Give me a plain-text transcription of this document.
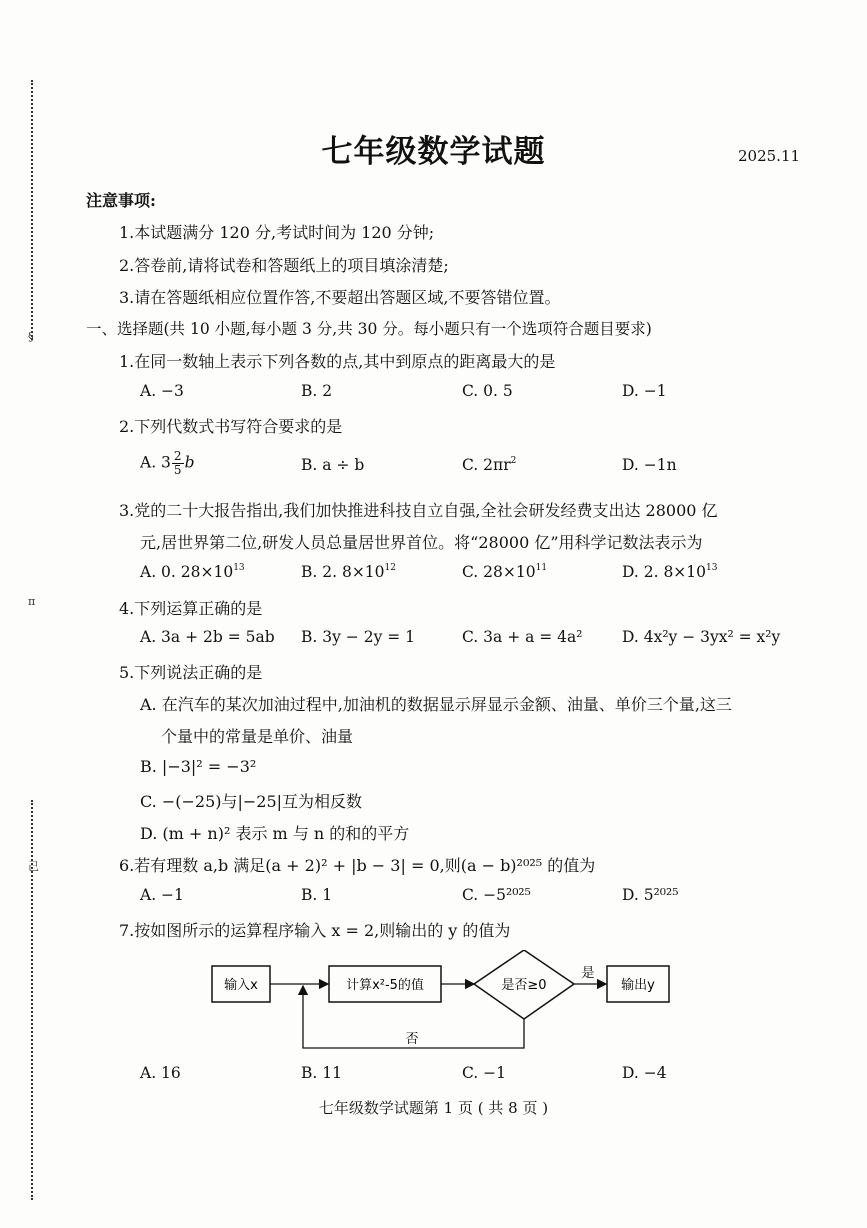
§
π
己
七年级数学试题	2025.11
注意事项:
1.本试题满分 120 分,考试时间为 120 分钟;
2.答卷前,请将试卷和答题纸上的项目填涂清楚;
3.请在答题纸相应位置作答,不要超出答题区域,不要答错位置。
一、选择题(共 10 小题,每小题 3 分,共 30 分。每小题只有一个选项符合题目要求)
1.在同一数轴上表示下列各数的点,其中到原点的距离最大的是
A. −3	B. 2	C. 0. 5	D. −1
2.下列代数式书写符合要求的是
A. $3 \frac{2}{5}$ b	B. a ÷ b	C. $2\pi r^2$	D. −1n
3.党的二十大报告指出,我们加快推进科技自立自强,全社会研发经费支出达 28000 亿
元,居世界第二位,研发人员总量居世界首位。将“28000 亿”用科学记数法表示为
A. 0. $28\times 10^{13}$	B. 2. $8\times 10^{12}$	C. $28\times 10^{11}$	D. 2. $8\times 10^{13}$
4.下列运算正确的是
A. 3a + 2b = 5ab B. 3y − 2y = 1	C. 3a + a = 4a²	D. 4x²y − 3yx² = x²y
5.下列说法正确的是
A. 在汽车的某次加油过程中,加油机的数据显示屏显示金额、油量、单价三个量,这三
个量中的常量是单价、油量
B. |−3|² = −3²
C. −(−25)与|−25|互为相反数
D. (m + n)² 表示 m 与 n 的和的平方
6.若有理数 a,b 满足(a + 2)² + |b − 3| = 0,则(a − b)²⁰²⁵ 的值为
A. −1	B. 1	C. −5²⁰²⁵	D. 5²⁰²⁵
7.按如图所示的运算程序输入 x = 2,则输出的 y 的值为
输入x	计算x²-5的值	是否≥0
是
输出y
否
A. 16	B. 11	C. −1	D. −4
七年级数学试题第 1 页 ( 共 8 页 )
